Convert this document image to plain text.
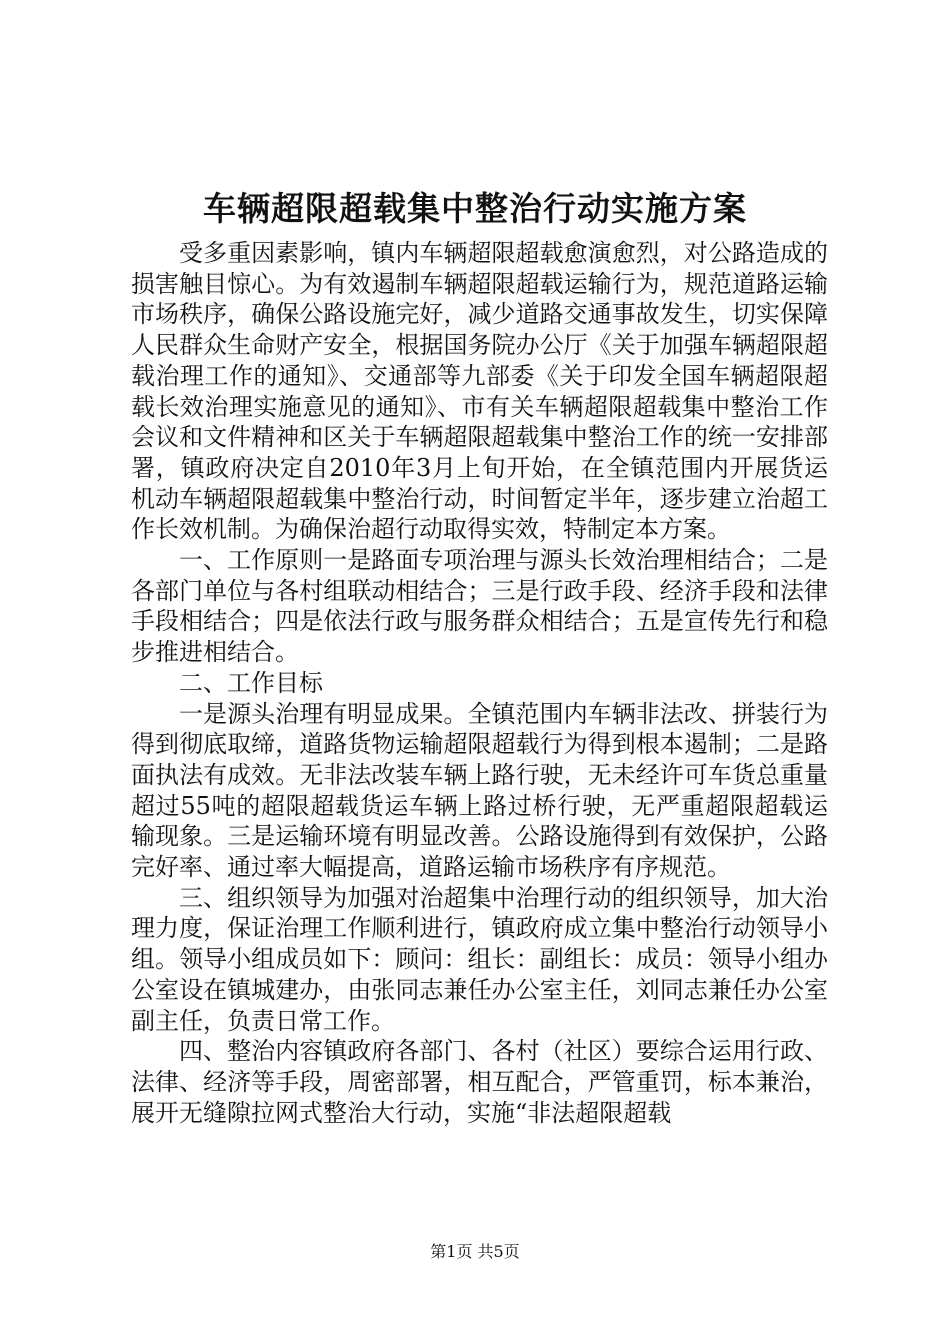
车辆超限超载集中整治行动实施方案

受多重因素影响，镇内车辆超限超载愈演愈烈，对公路造成的损害触目惊心。为有效遏制车辆超限超载运输行为，规范道路运输市场秩序，确保公路设施完好，减少道路交通事故发生，切实保障人民群众生命财产安全，根据国务院办公厅《关于加强车辆超限超载治理工作的通知》、交通部等九部委《关于印发全国车辆超限超载长效治理实施意见的通知》、市有关车辆超限超载集中整治工作会议和文件精神和区关于车辆超限超载集中整治工作的统一安排部署，镇政府决定自2010年3月上旬开始，在全镇范围内开展货运机动车辆超限超载集中整治行动，时间暂定半年，逐步建立治超工作长效机制。为确保治超行动取得实效，特制定本方案。

一、工作原则一是路面专项治理与源头长效治理相结合；二是各部门单位与各村组联动相结合；三是行政手段、经济手段和法律手段相结合；四是依法行政与服务群众相结合；五是宣传先行和稳步推进相结合。

二、工作目标

一是源头治理有明显成果。全镇范围内车辆非法改、拼装行为得到彻底取缔，道路货物运输超限超载行为得到根本遏制；二是路面执法有成效。无非法改装车辆上路行驶，无未经许可车货总重量超过55吨的超限超载货运车辆上路过桥行驶，无严重超限超载运输现象。三是运输环境有明显改善。公路设施得到有效保护，公路完好率、通过率大幅提高，道路运输市场秩序有序规范。

三、组织领导为加强对治超集中治理行动的组织领导，加大治理力度，保证治理工作顺利进行，镇政府成立集中整治行动领导小组。领导小组成员如下：顾问：组长：副组长：成员：领导小组办公室设在镇城建办，由张同志兼任办公室主任，刘同志兼任办公室副主任，负责日常工作。

四、整治内容镇政府各部门、各村（社区）要综合运用行政、法律、经济等手段，周密部署，相互配合，严管重罚，标本兼治，展开无缝隙拉网式整治大行动，实施“非法超限超载

第1页 共5页
